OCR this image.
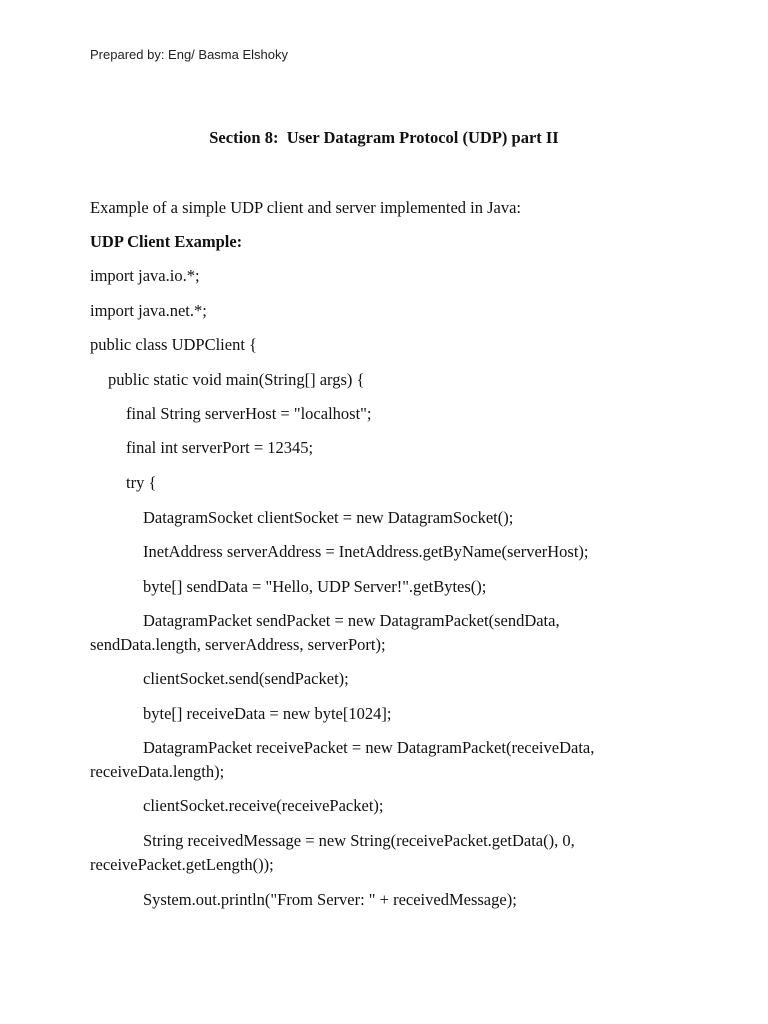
Prepared by: Eng/ Basma Elshoky
Section 8:  User Datagram Protocol (UDP) part II
Example of a simple UDP client and server implemented in Java:
UDP Client Example:
import java.io.*;
import java.net.*;
public class UDPClient {
public static void main(String[] args) {
final String serverHost = "localhost";
final int serverPort = 12345;
try {
DatagramSocket clientSocket = new DatagramSocket();
InetAddress serverAddress = InetAddress.getByName(serverHost);
byte[] sendData = "Hello, UDP Server!".getBytes();
DatagramPacket sendPacket = new DatagramPacket(sendData,
sendData.length, serverAddress, serverPort);
clientSocket.send(sendPacket);
byte[] receiveData = new byte[1024];
DatagramPacket receivePacket = new DatagramPacket(receiveData,
receiveData.length);
clientSocket.receive(receivePacket);
String receivedMessage = new String(receivePacket.getData(), 0,
receivePacket.getLength());
System.out.println("From Server: " + receivedMessage);
